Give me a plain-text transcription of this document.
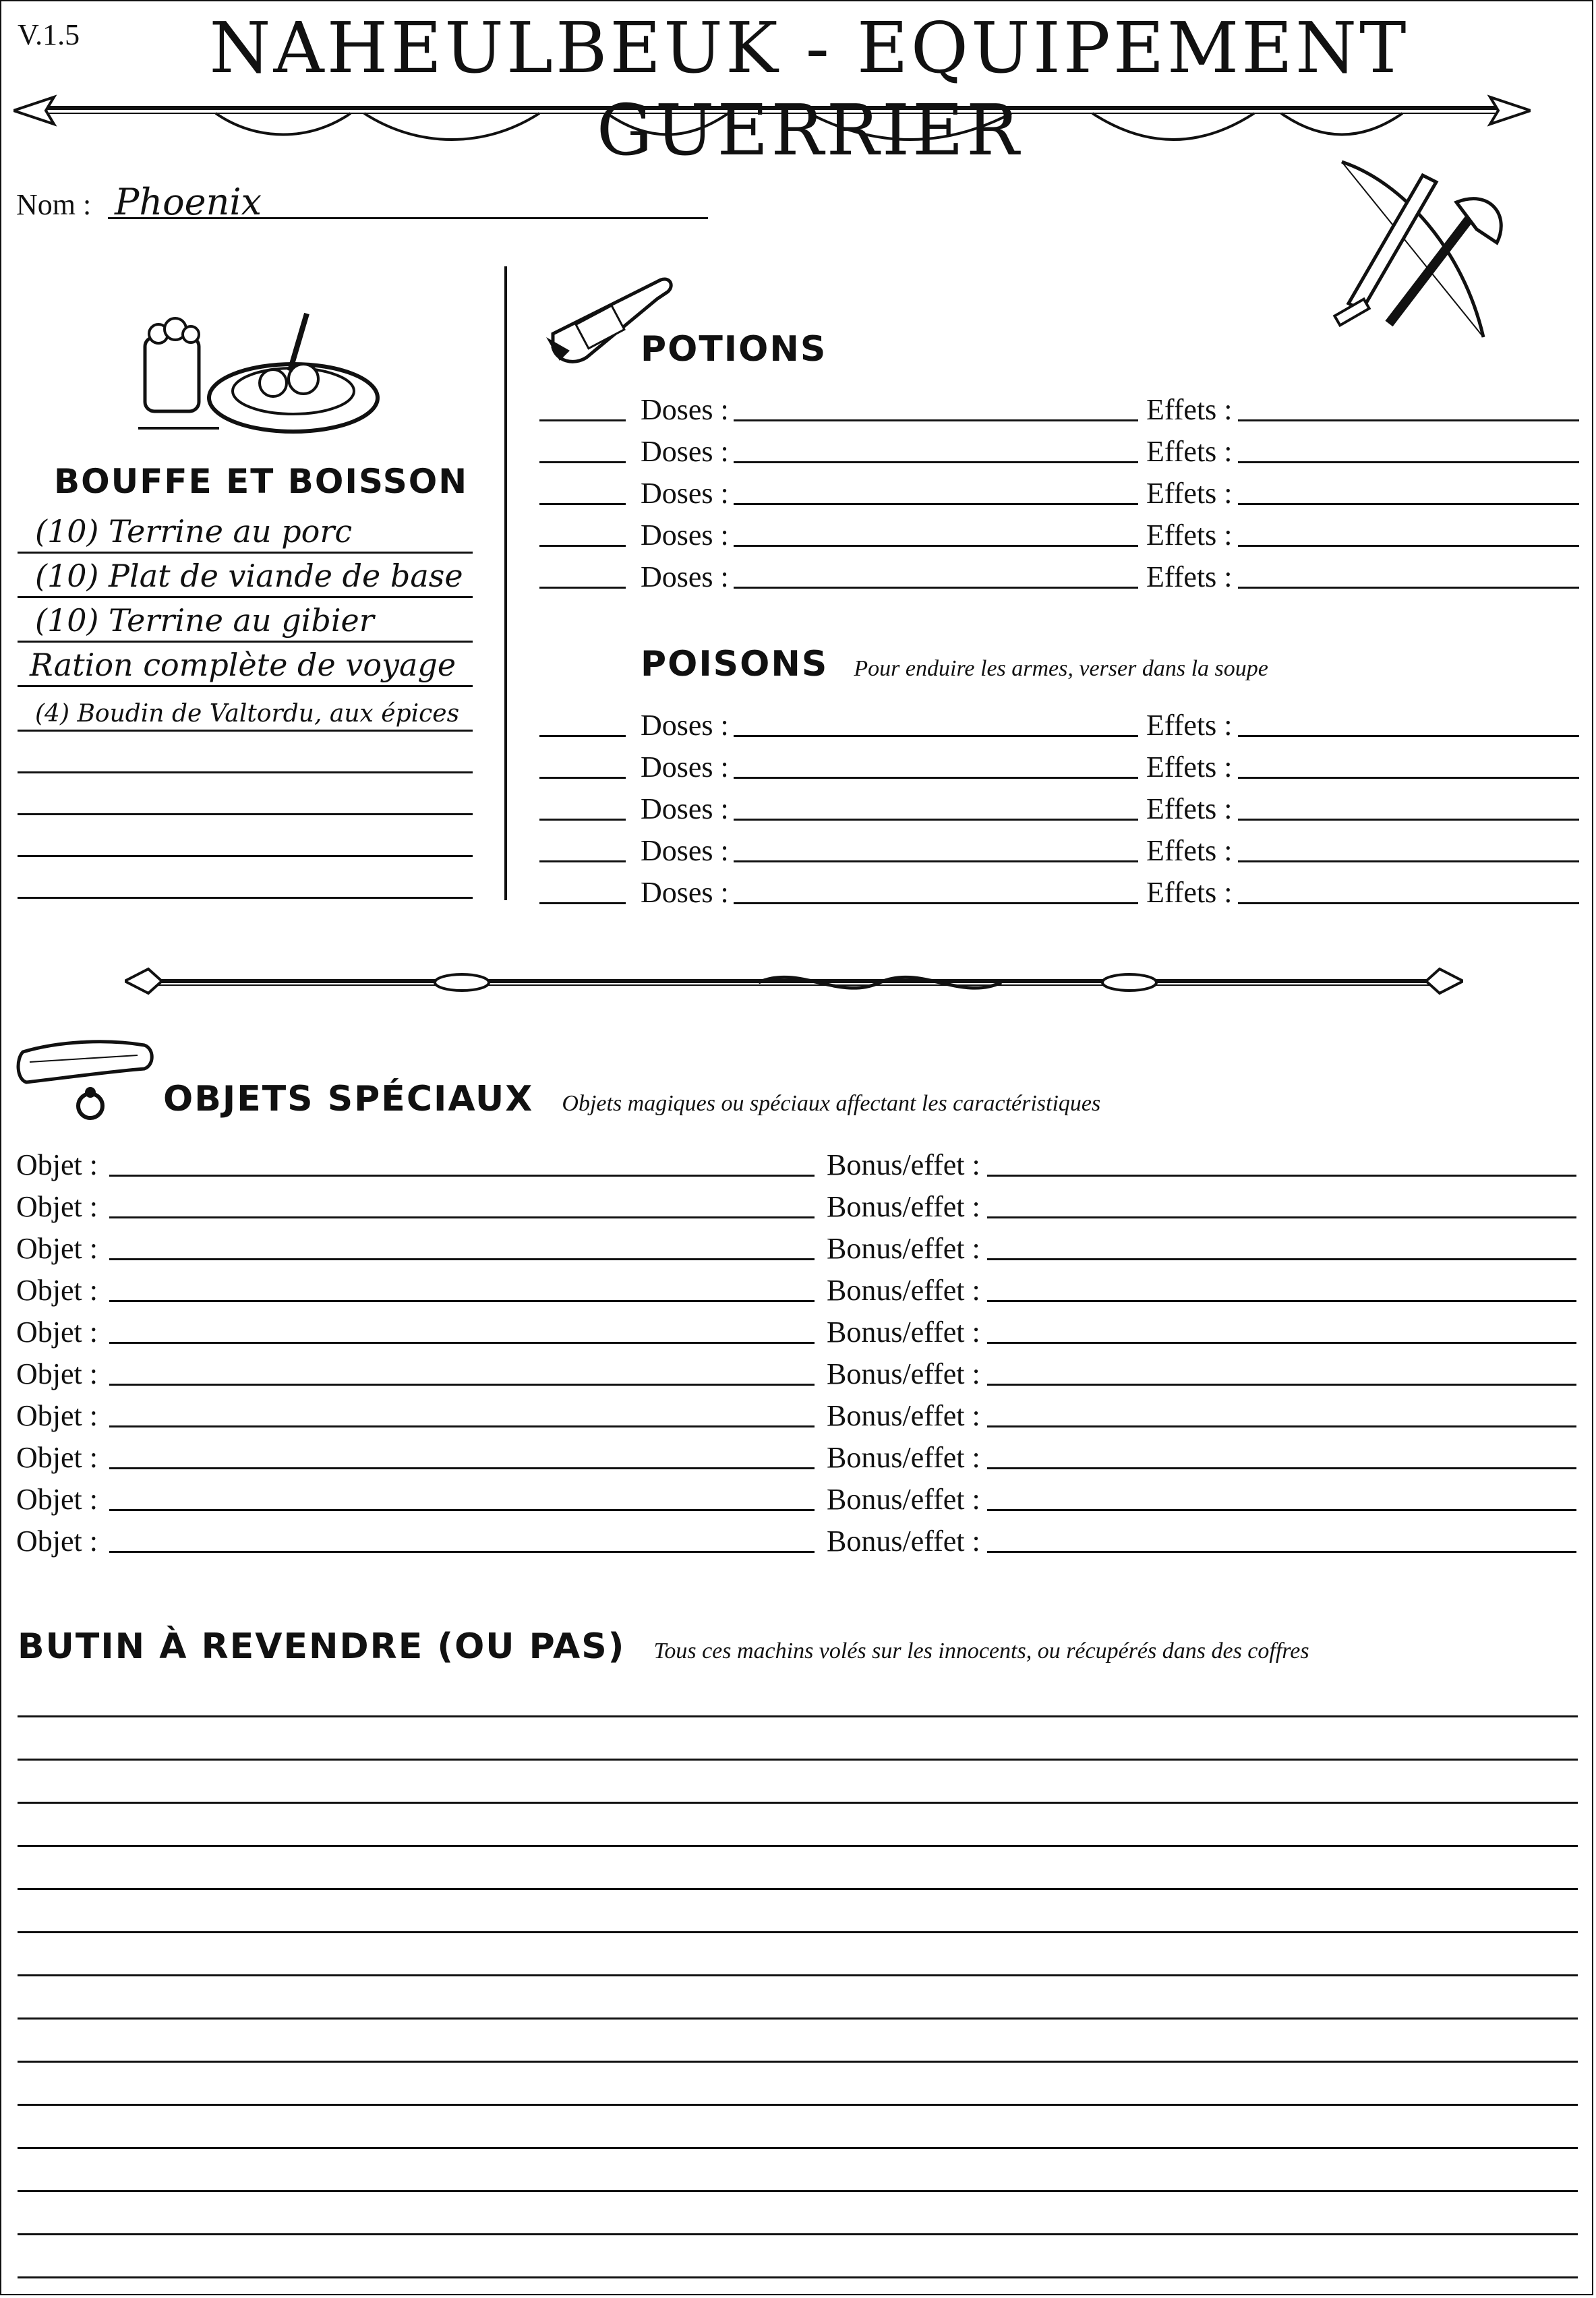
V.1.5	NAHEULBEUK - EQUIPEMENT GUERRIER
Nom : Phoenix
BOUFFE ET BOISSON
(10) Terrine au porc
(10) Plat de viande de base
(10) Terrine au gibier
Ration complète de voyage
(4) Boudin de Valtordu, aux épices
POTIONS
Doses :	Effets :
Doses :	Effets :
Doses :	Effets :
Doses :	Effets :
Doses :	Effets :
POISONS Pour enduire les armes, verser dans la soupe
Doses :	Effets :
Doses :	Effets :
Doses :	Effets :
Doses :	Effets :
Doses :	Effets :
OBJETS SPÉCIAUX Objets magiques ou spéciaux affectant les caractéristiques
Objet :	Bonus/effet :
Objet :	Bonus/effet :
Objet :	Bonus/effet :
Objet :	Bonus/effet :
Objet :	Bonus/effet :
Objet :	Bonus/effet :
Objet :	Bonus/effet :
Objet :	Bonus/effet :
Objet :	Bonus/effet :
Objet :	Bonus/effet :
BUTIN À REVENDRE (OU PAS) Tous ces machins volés sur les innocents, ou récupérés dans des coffres
